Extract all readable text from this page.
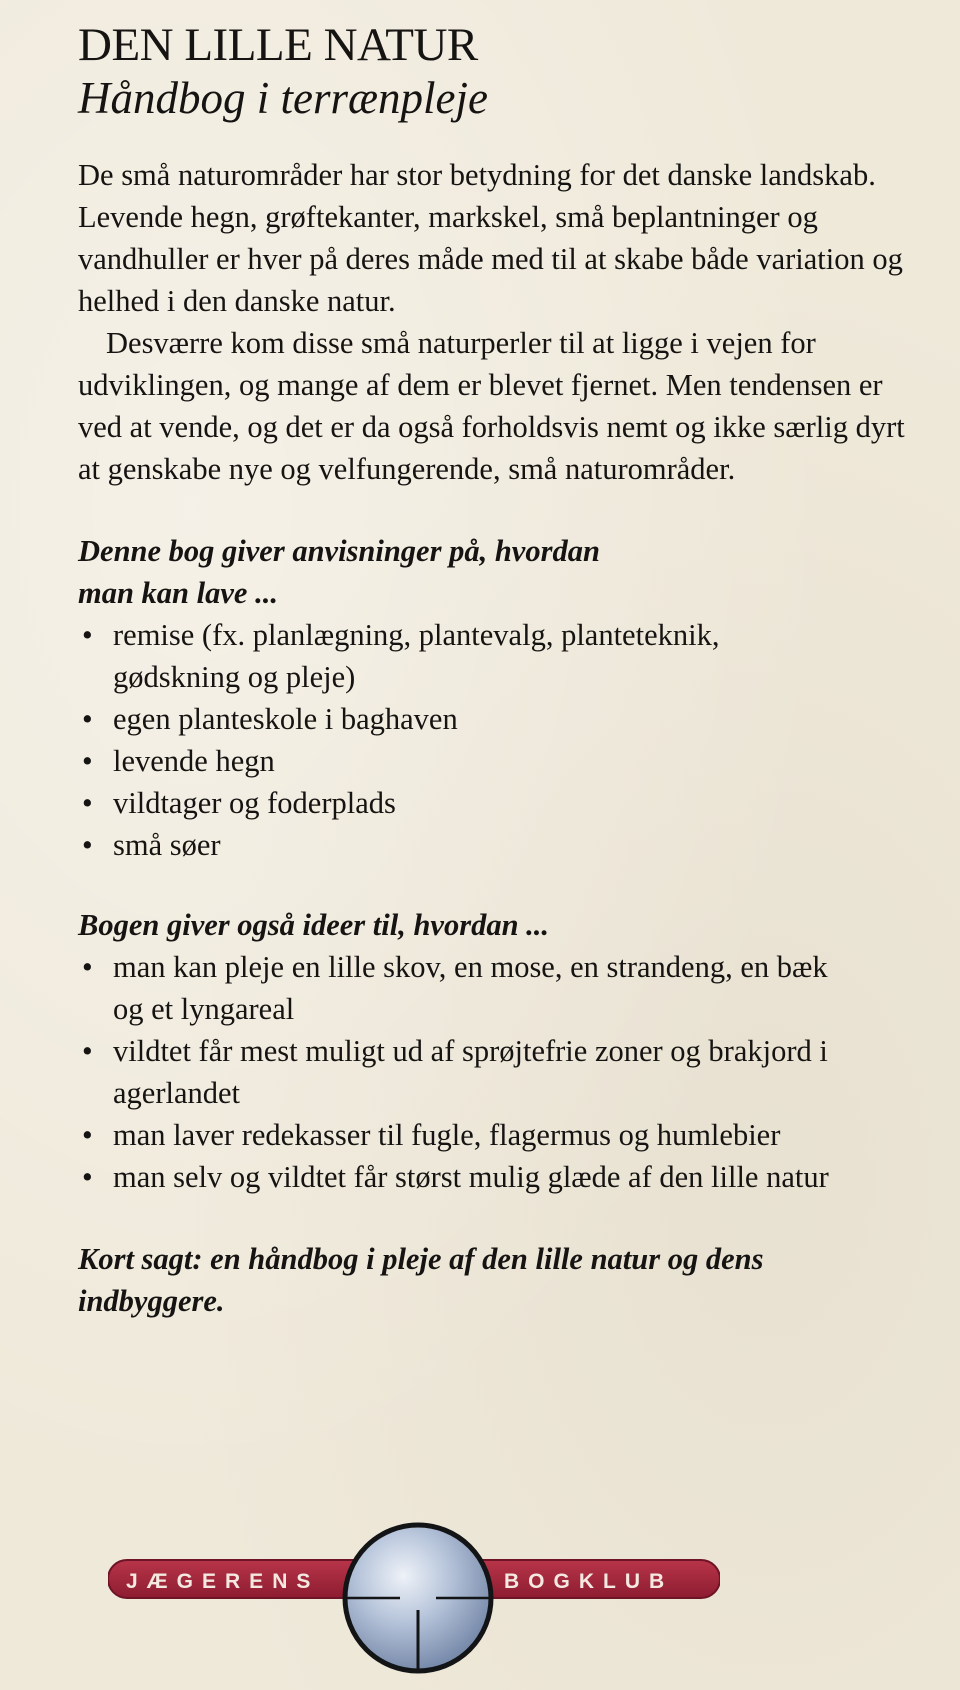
DEN LILLE NATUR
Håndbog i terrænpleje

De små naturområder har stor betydning for det danske landskab. Levende hegn, grøftekanter, markskel, små beplantninger og vandhuller er hver på deres måde med til at skabe både variation og helhed i den danske natur.

Desværre kom disse små naturperler til at ligge i vejen for udviklingen, og mange af dem er blevet fjernet. Men tendensen er ved at vende, og det er da også forholdsvis nemt og ikke særlig dyrt at genskabe nye og velfungerende, små naturområder.

Denne bog giver anvisninger på, hvordan man kan lave ...

• remise (fx. planlægning, plantevalg, planteteknik, gødskning og pleje)
• egen planteskole i baghaven
• levende hegn
• vildtager og foderplads
• små søer

Bogen giver også ideer til, hvordan ...

• man kan pleje en lille skov, en mose, en strandeng, en bæk og et lyngareal
• vildtet får mest muligt ud af sprøjtefrie zoner og brakjord i agerlandet
• man laver redekasser til fugle, flagermus og humlebier
• man selv og vildtet får størst mulig glæde af den lille natur

Kort sagt: en håndbog i pleje af den lille natur og dens indbyggere.

JÆGERENS	BOGKLUB
